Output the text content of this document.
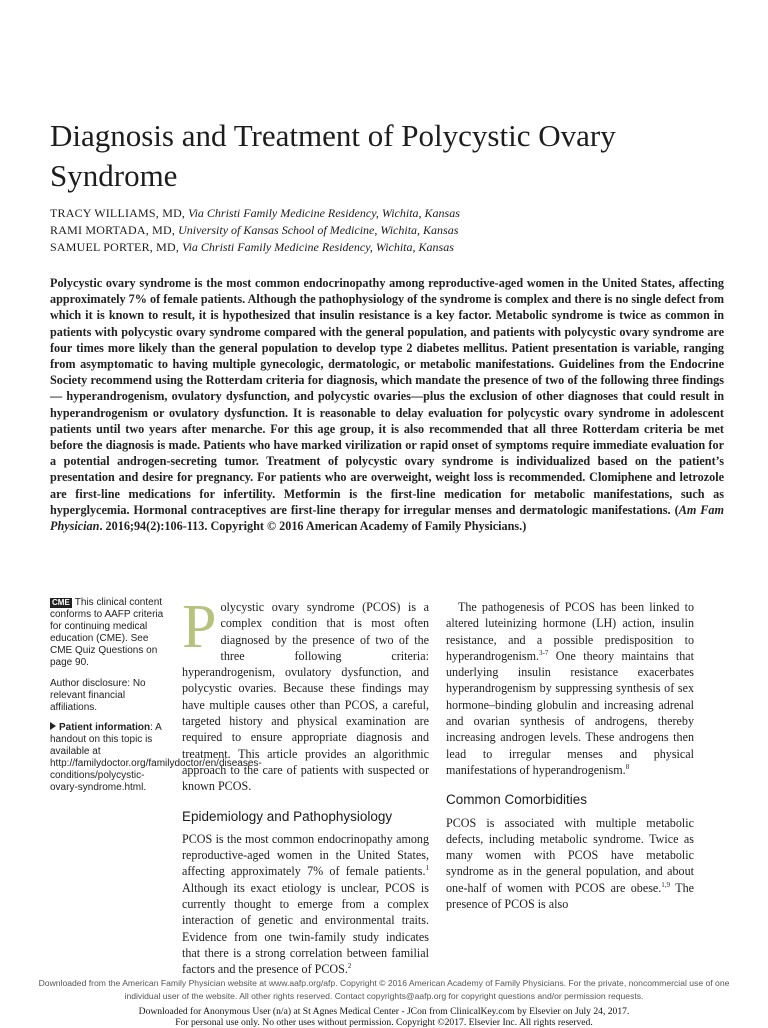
Diagnosis and Treatment of Polycystic Ovary Syndrome
TRACY WILLIAMS, MD, Via Christi Family Medicine Residency, Wichita, Kansas
RAMI MORTADA, MD, University of Kansas School of Medicine, Wichita, Kansas
SAMUEL PORTER, MD, Via Christi Family Medicine Residency, Wichita, Kansas
Polycystic ovary syndrome is the most common endocrinopathy among reproductive-aged women in the United States, affecting approximately 7% of female patients. Although the pathophysiology of the syndrome is complex and there is no single defect from which it is known to result, it is hypothesized that insulin resistance is a key factor. Metabolic syndrome is twice as common in patients with polycystic ovary syndrome compared with the general population, and patients with polycystic ovary syndrome are four times more likely than the general population to develop type 2 diabetes mellitus. Patient presentation is variable, ranging from asymptomatic to having multiple gynecologic, dermatologic, or metabolic manifestations. Guidelines from the Endocrine Society recommend using the Rotterdam criteria for diagnosis, which mandate the presence of two of the following three findings— hyperandrogenism, ovulatory dysfunction, and polycystic ovaries—plus the exclusion of other diagnoses that could result in hyperandrogenism or ovulatory dysfunction. It is reasonable to delay evaluation for polycystic ovary syndrome in adolescent patients until two years after menarche. For this age group, it is also recommended that all three Rotterdam criteria be met before the diagnosis is made. Patients who have marked virilization or rapid onset of symptoms require immediate evaluation for a potential androgen-secreting tumor. Treatment of polycystic ovary syndrome is individualized based on the patient’s presentation and desire for pregnancy. For patients who are overweight, weight loss is recommended. Clomiphene and letrozole are first-line medications for infertility. Metformin is the first-line medication for metabolic manifestations, such as hyperglycemia. Hormonal contraceptives are first-line therapy for irregular menses and dermatologic manifestations. (Am Fam Physician. 2016;94(2):106-113. Copyright © 2016 American Academy of Family Physicians.)

CME This clinical content conforms to AAFP criteria for continuing medical education (CME). See CME Quiz Questions on page 90.

Author disclosure: No relevant financial affiliations.

Patient information: A handout on this topic is available at http://familydoctor.org/familydoctor/en/diseases-conditions/polycystic-ovary-syndrome.html.

Polycystic ovary syndrome (PCOS) is a complex condition that is most often diagnosed by the presence of two of the three following criteria: hyperandrogenism, ovulatory dysfunction, and polycystic ovaries. Because these findings may have multiple causes other than PCOS, a careful, targeted history and physical examination are required to ensure appropriate diagnosis and treatment. This article provides an algorithmic approach to the care of patients with suspected or known PCOS.

Epidemiology and Pathophysiology

PCOS is the most common endocrinopathy among reproductive-aged women in the United States, affecting approximately 7% of female patients.$^1$ Although its exact etiology is unclear, PCOS is currently thought to emerge from a complex interaction of genetic and environmental traits. Evidence from one twin-family study indicates that there is a strong correlation between familial factors and the presence of PCOS.$^2$

The pathogenesis of PCOS has been linked to altered luteinizing hormone (LH) action, insulin resistance, and a possible predisposition to hyperandrogenism.$^{3-7}$ One theory maintains that underlying insulin resistance exacerbates hyperandrogenism by suppressing synthesis of sex hormone–binding globulin and increasing adrenal and ovarian synthesis of androgens, thereby increasing androgen levels. These androgens then lead to irregular menses and physical manifestations of hyperandrogenism.$^8$

Common Comorbidities

PCOS is associated with multiple metabolic defects, including metabolic syndrome. Twice as many women with PCOS have metabolic syndrome as in the general population, and about one-half of women with PCOS are obese.$^{1,9}$ The presence of PCOS is also

Downloaded from the American Family Physician website at www.aafp.org/afp. Copyright © 2016 American Academy of Family Physicians. For the private, noncommercial use of one individual user of the website. All other rights reserved. Contact copyrights@aafp.org for copyright questions and/or permission requests.
Downloaded for Anonymous User (n/a) at St Agnes Medical Center - JCon from ClinicalKey.com by Elsevier on July 24, 2017.
For personal use only. No other uses without permission. Copyright ©2017. Elsevier Inc. All rights reserved.
